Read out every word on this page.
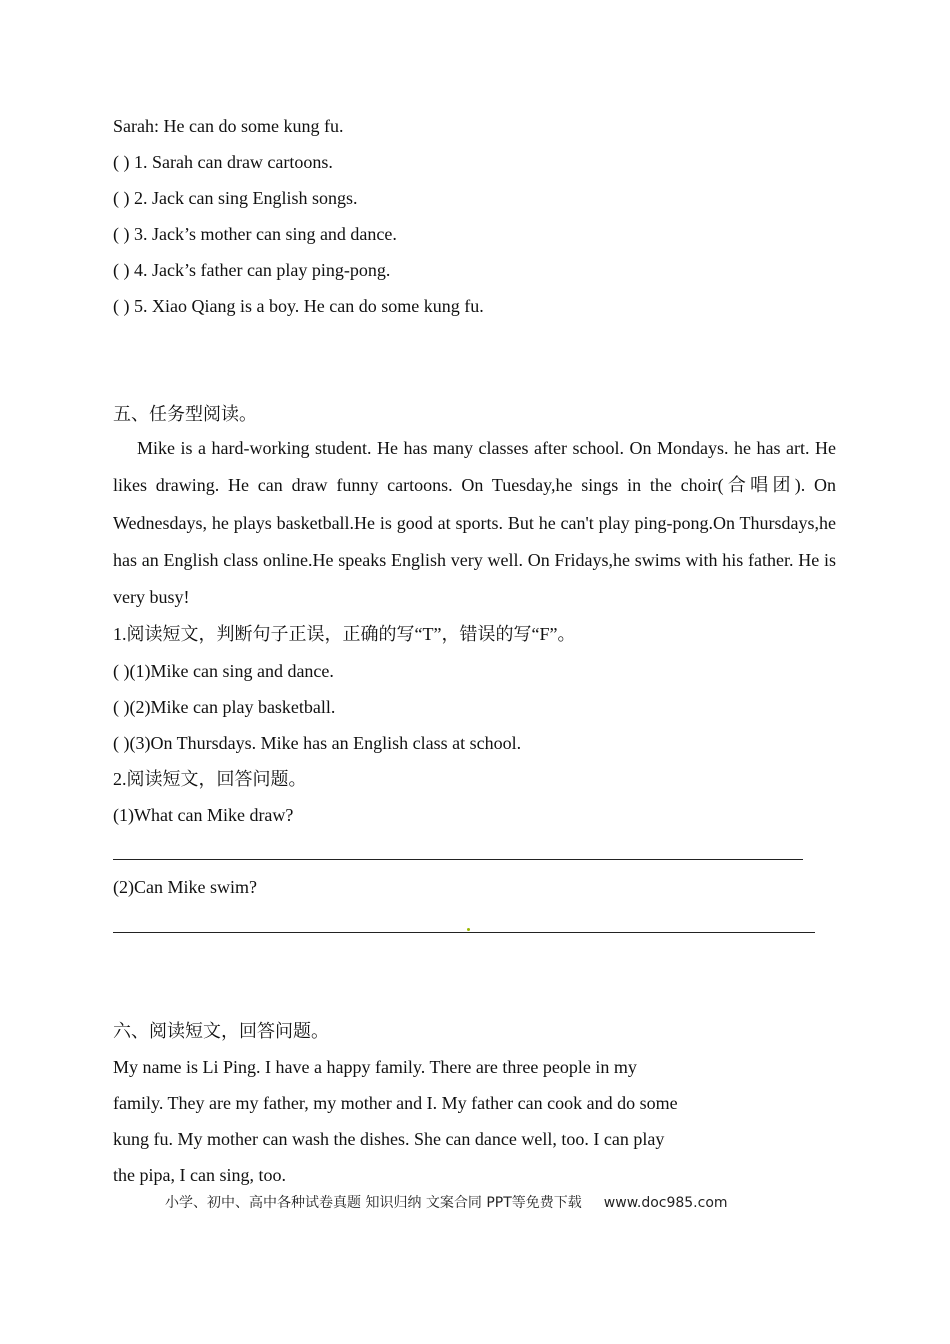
Sarah: He can do some kung fu.
( ) 1. Sarah can draw cartoons.
( ) 2. Jack can sing English songs.
( ) 3. Jack’s mother can sing and dance.
( ) 4. Jack’s father can play ping-pong.
( ) 5. Xiao Qiang is a boy. He can do some kung fu.
五、任务型阅读。
Mike is a hard-working student. He has many classes after school. On Mondays. he has art. He likes drawing. He can draw funny cartoons. On Tuesday,he sings in the choir(合唱团). On Wednesdays, he plays basketball.He is good at sports. But he can't play ping-pong.On Thursdays,he has an English class online.He speaks English very well. On Fridays,he swims with his father. He is very busy!
1.阅读短文，判断句子正误，正确的写“T”，错误的写“F”。
( )(1)Mike can sing and dance.
( )(2)Mike can play basketball.
( )(3)On Thursdays. Mike has an English class at school.
2.阅读短文，回答问题。
(1)What can Mike draw?
(2)Can Mike swim?
六、阅读短文，回答问题。
My name is Li Ping. I have a happy family. There are three people in my
family. They are my father, my mother and I. My father can cook and do some
kung fu. My mother can wash the dishes. She can dance well, too. I can play
the pipa, I can sing, too.
小学、初中、高中各种试卷真题 知识归纳 文案合同 PPT等免费下载 www.doc985.com
